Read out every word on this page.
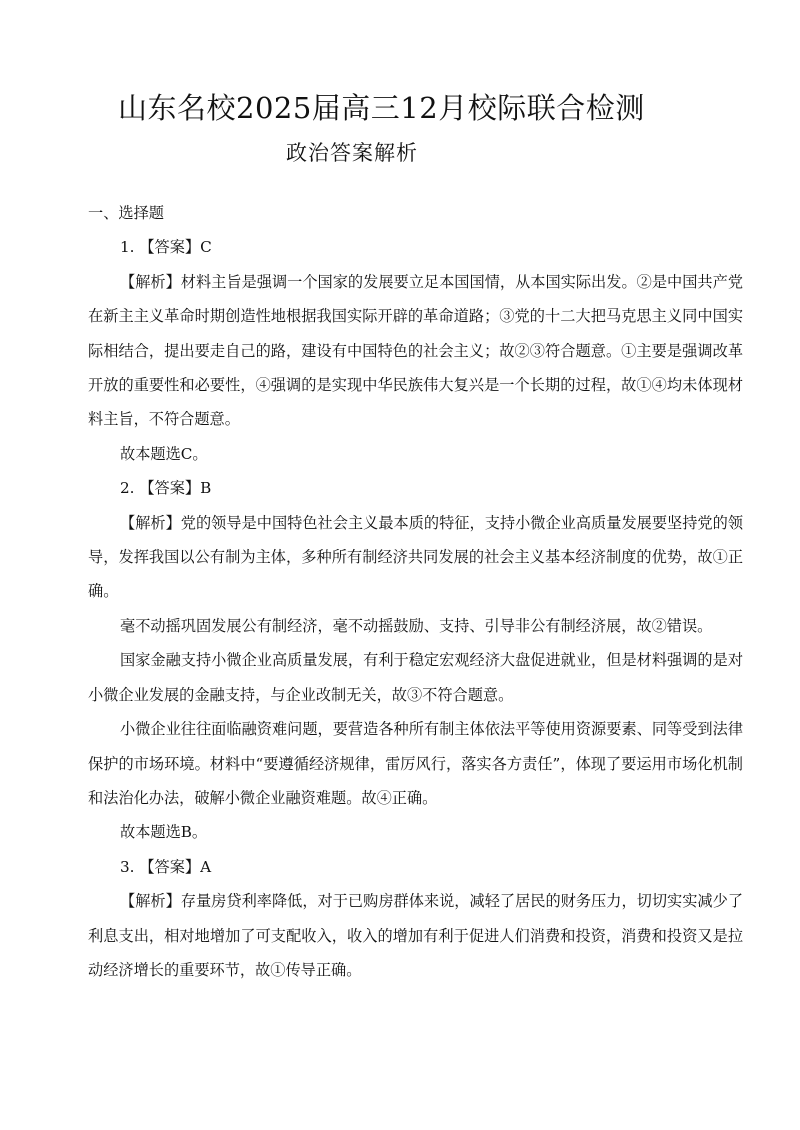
山东名校2025届高三12月校际联合检测
政治答案解析

一、选择题

1. 【答案】C

【解析】材料主旨是强调一个国家的发展要立足本国国情，从本国实际出发。②是中国共产党在新主主义革命时期创造性地根据我国实际开辟的革命道路；③党的十二大把马克思主义同中国实际相结合，提出要走自己的路，建设有中国特色的社会主义；故②③符合题意。①主要是强调改革开放的重要性和必要性，④强调的是实现中华民族伟大复兴是一个长期的过程，故①④均未体现材料主旨，不符合题意。

故本题选C。

2. 【答案】B

【解析】党的领导是中国特色社会主义最本质的特征，支持小微企业高质量发展要坚持党的领导，发挥我国以公有制为主体，多种所有制经济共同发展的社会主义基本经济制度的优势，故①正确。

毫不动摇巩固发展公有制经济，毫不动摇鼓励、支持、引导非公有制经济展，故②错误。

国家金融支持小微企业高质量发展，有利于稳定宏观经济大盘促进就业，但是材料强调的是对小微企业发展的金融支持，与企业改制无关，故③不符合题意。

小微企业往往面临融资难问题，要营造各种所有制主体依法平等使用资源要素、同等受到法律保护的市场环境。材料中“要遵循经济规律，雷厉风行，落实各方责任”，体现了要运用市场化机制和法治化办法，破解小微企业融资难题。故④正确。

故本题选B。

3. 【答案】A

【解析】存量房贷利率降低，对于已购房群体来说，减轻了居民的财务压力，切切实实减少了利息支出，相对地增加了可支配收入，收入的增加有利于促进人们消费和投资，消费和投资又是拉动经济增长的重要环节，故①传导正确。
